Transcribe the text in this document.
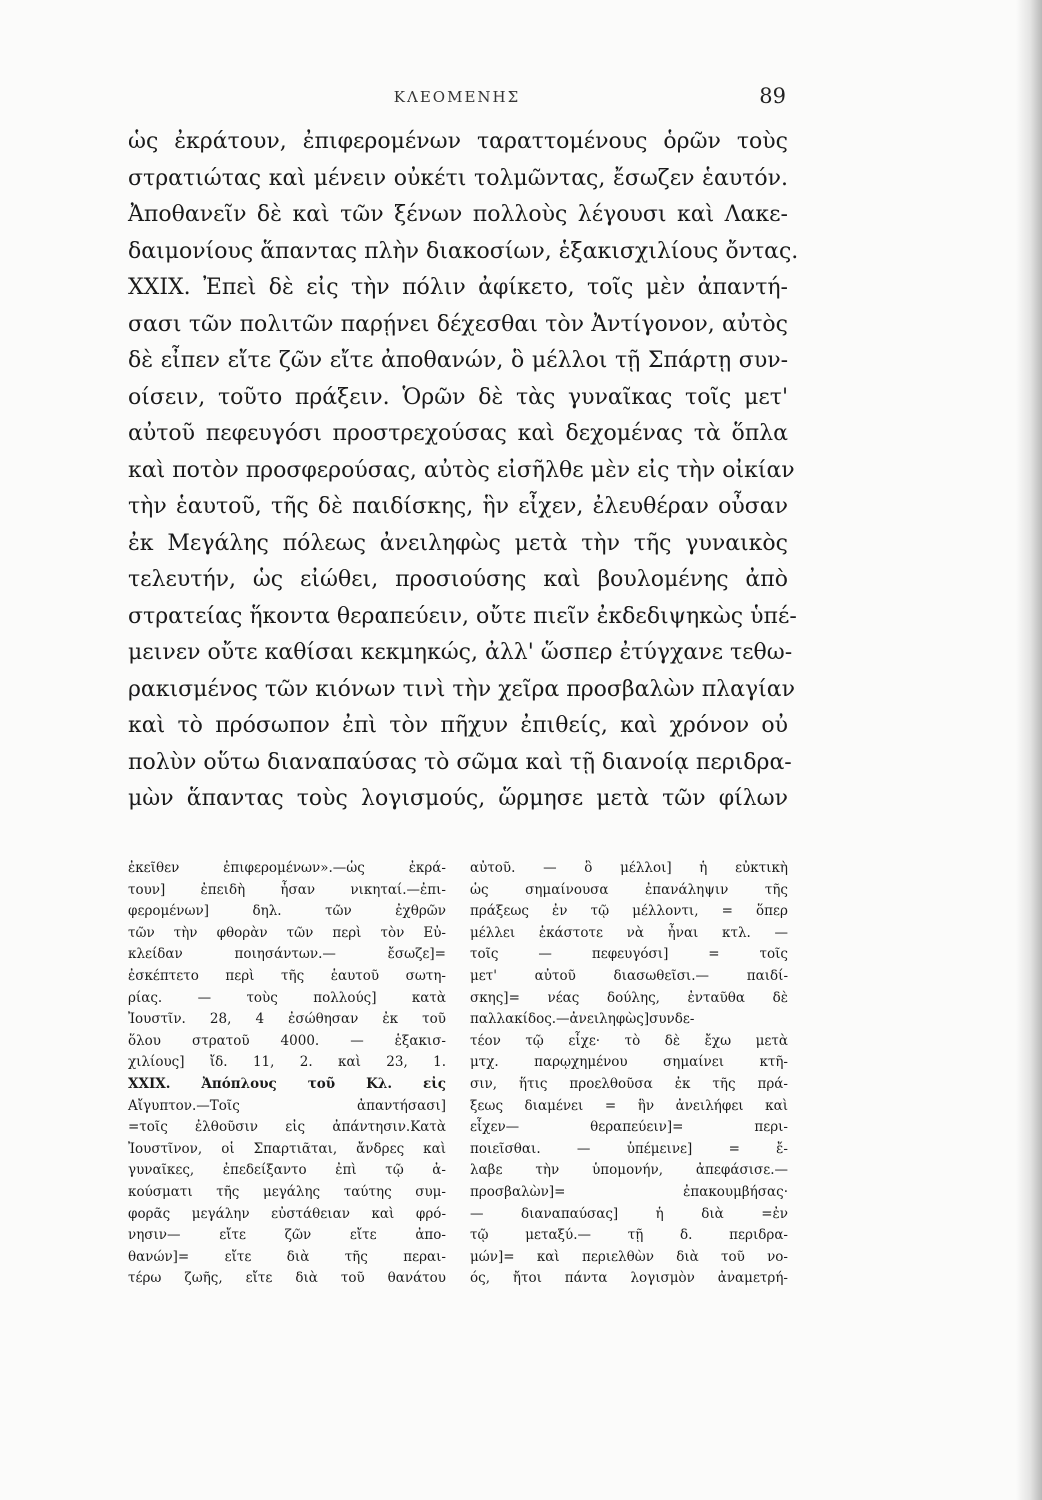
ΚΛΕΟΜΕΝΗΣ	89
ὡς ἐκράτουν, ἐπιφερομένων ταραττομένους ὁρῶν τοὺς
στρατιώτας καὶ μένειν οὐκέτι τολμῶντας, ἔσωζεν ἑαυτόν.
Ἀποθανεῖν δὲ καὶ τῶν ξένων πολλοὺς λέγουσι καὶ Λακε-
δαιμονίους ἅπαντας πλὴν διακοσίων, ἑξακισχιλίους ὄντας.
XXIX. Ἐπεὶ δὲ εἰς τὴν πόλιν ἀφίκετο, τοῖς μὲν ἀπαντή-
σασι τῶν πολιτῶν παρῄνει δέχεσθαι τὸν Ἀντίγονον, αὐτὸς
δὲ εἶπεν εἴτε ζῶν εἴτε ἀποθανών, ὃ μέλλοι τῇ Σπάρτῃ συν-
οίσειν, τοῦτο πράξειν. Ὁρῶν δὲ τὰς γυναῖκας τοῖς μετ'
αὐτοῦ πεφευγόσι προστρεχούσας καὶ δεχομένας τὰ ὅπλα
καὶ ποτὸν προσφερούσας, αὐτὸς εἰσῆλθε μὲν εἰς τὴν οἰκίαν
τὴν ἑαυτοῦ, τῆς δὲ παιδίσκης, ἣν εἶχεν, ἐλευθέραν οὖσαν
ἐκ Μεγάλης πόλεως ἀνειληφὼς μετὰ τὴν τῆς γυναικὸς
τελευτήν, ὡς εἰώθει, προσιούσης καὶ βουλομένης ἀπὸ
στρατείας ἥκοντα θεραπεύειν, οὔτε πιεῖν ἐκδεδιψηκὼς ὑπέ-
μεινεν οὔτε καθίσαι κεκμηκώς, ἀλλ' ὥσπερ ἐτύγχανε τεθω-
ρακισμένος τῶν κιόνων τινὶ τὴν χεῖρα προσβαλὼν πλαγίαν
καὶ τὸ πρόσωπον ἐπὶ τὸν πῆχυν ἐπιθείς, καὶ χρόνον οὐ
πολὺν οὕτω διαναπαύσας τὸ σῶμα καὶ τῇ διανοίᾳ περιδρα-
μὼν ἅπαντας τοὺς λογισμούς, ὥρμησε μετὰ τῶν φίλων
ἐκεῖθεν ἐπιφερομένων».—ὡς ἐκρά-
τουν] ἐπειδὴ ἦσαν νικηταί.—ἐπι-
φερομένων] δηλ. τῶν ἐχθρῶν
τῶν τὴν φθορὰν τῶν περὶ τὸν Εὐ-
κλείδαν ποιησάντων.— ἔσωζε]=
ἐσκέπτετο περὶ τῆς ἑαυτοῦ σωτη-
ρίας. — τοὺς πολλούς] κατὰ
Ἰουστῖν. 28, 4 ἐσώθησαν ἐκ τοῦ
ὅλου στρατοῦ 4000. — ἑξακισ-
χιλίους] ἴδ. 11, 2. καὶ 23, 1.
XXIX. Ἀπόπλους τοῦ Κλ. εἰς
Αἴγυπτον.—Τοῖς ἀπαντήσασι]
=τοῖς ἐλθοῦσιν εἰς ἀπάντησιν.Κατὰ
Ἰουστῖνον, οἱ Σπαρτιᾶται, ἄνδρες καὶ
γυναῖκες, ἐπεδείξαντο ἐπὶ τῷ ἀ-
κούσματι τῆς μεγάλης ταύτης συμ-
φορᾶς μεγάλην εὐστάθειαν καὶ φρό-
νησιν— εἴτε ζῶν εἴτε ἀπο-
θανών]= εἴτε διὰ τῆς περαι-
τέρω ζωῆς, εἴτε διὰ τοῦ θανάτου
αὐτοῦ. — ὃ μέλλοι] ἡ εὐκτικὴ
ὡς σημαίνουσα ἐπανάληψιν τῆς
πράξεως ἐν τῷ μέλλοντι, = ὅπερ
μέλλει ἑκάστοτε νὰ ἦναι κτλ. —
τοῖς — πεφευγόσι] = τοῖς
μετ' αὐτοῦ διασωθεῖσι.— παιδί-
σκης]= νέας δούλης, ἐνταῦθα δὲ
παλλακίδος.—ἀνειληφὼς]συνδε-
τέον τῷ εἶχε· τὸ δὲ ἔχω μετὰ
μτχ. παρῳχημένου σημαίνει κτῆ-
σιν, ἥτις προελθοῦσα ἐκ τῆς πρά-
ξεως διαμένει = ἣν ἀνειλήφει καὶ
εἶχεν— θεραπεύειν]= περι-
ποιεῖσθαι. — ὑπέμεινε] = ἔ-
λαβε τὴν ὑπομονήν, ἀπεφάσισε.—
προσβαλὼν]= ἐπακουμβήσας·
— διαναπαύσας] ἡ διὰ =ἐν
τῷ μεταξύ.— τῇ δ. περιδρα-
μών]= καὶ περιελθὼν διὰ τοῦ νο-
ός, ἤτοι πάντα λογισμὸν ἀναμετρή-
